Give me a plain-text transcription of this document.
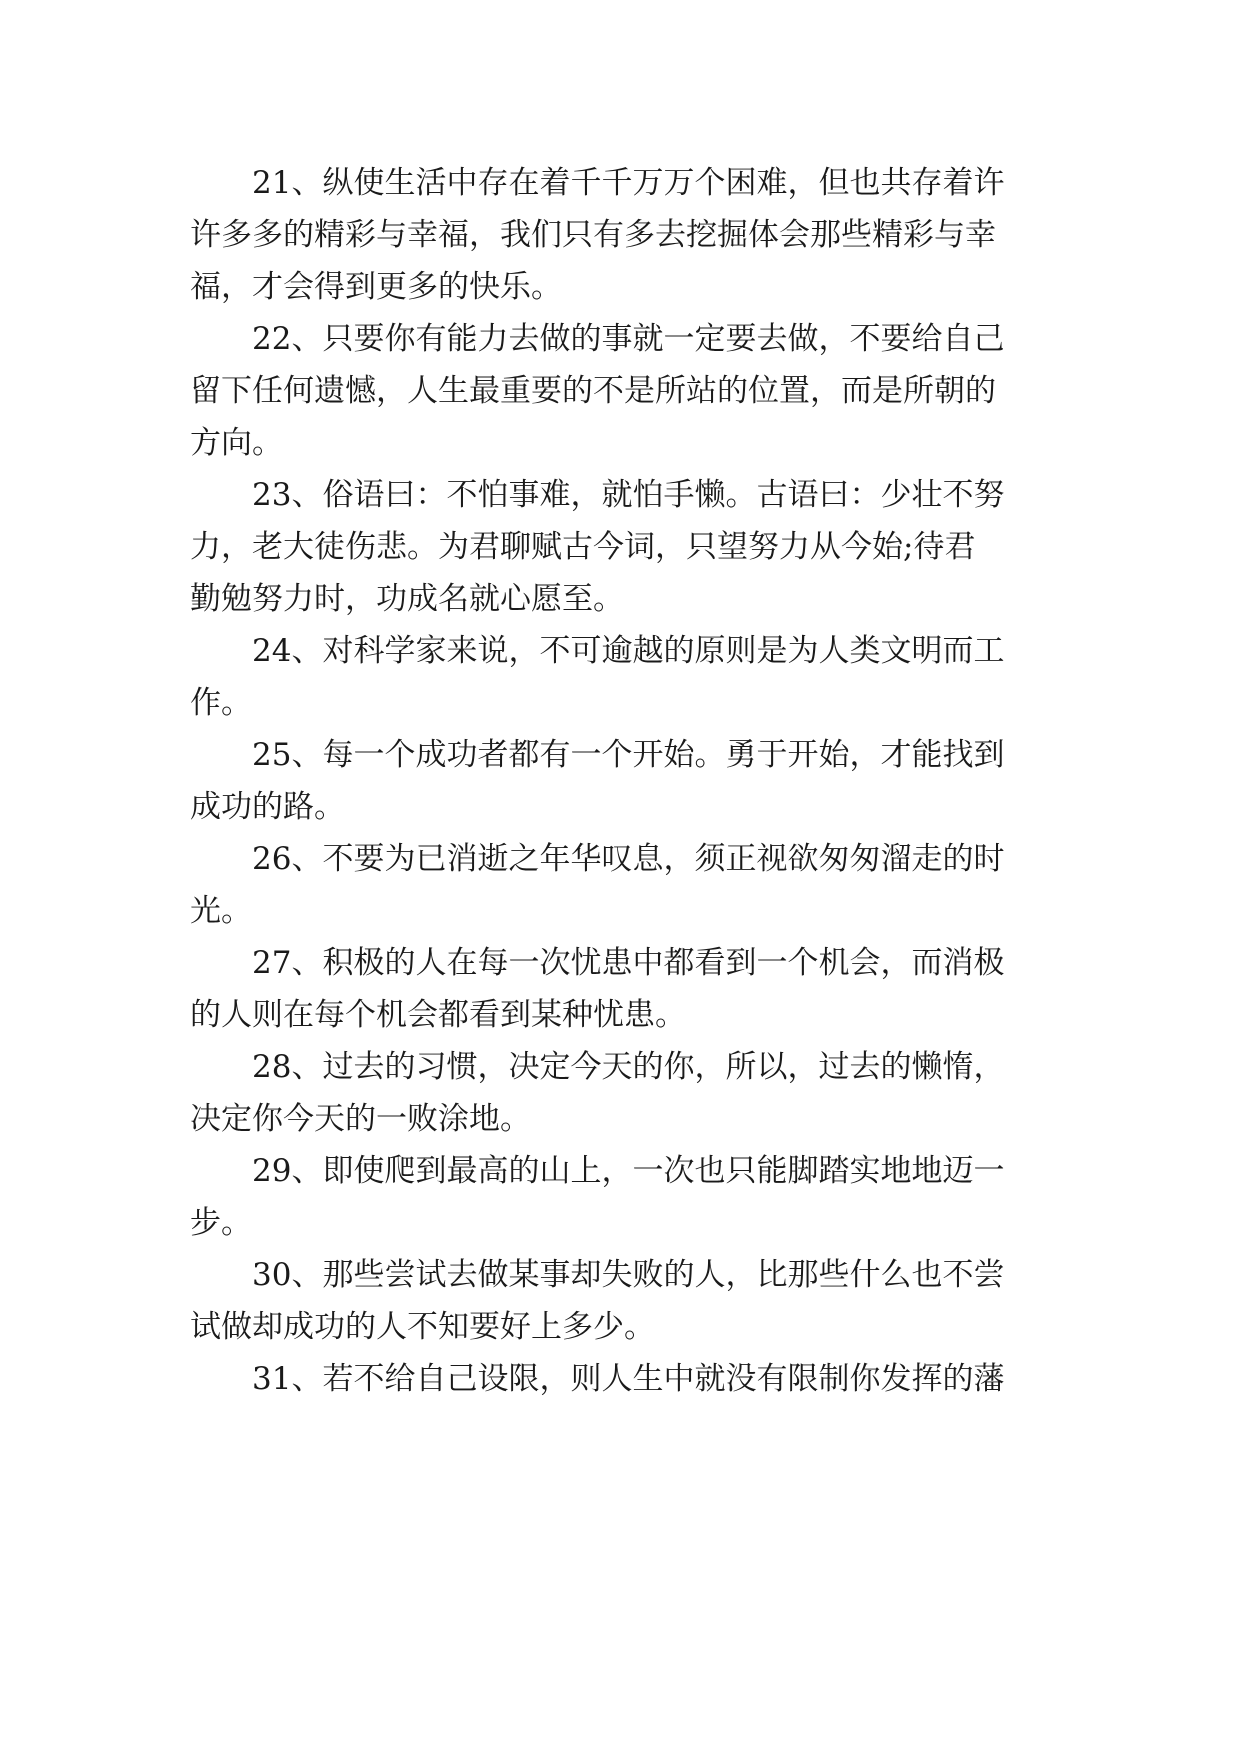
21、纵使生活中存在着千千万万个困难，但也共存着许
许多多的精彩与幸福，我们只有多去挖掘体会那些精彩与幸
福，才会得到更多的快乐。
22、只要你有能力去做的事就一定要去做，不要给自己
留下任何遗憾，人生最重要的不是所站的位置，而是所朝的
方向。
23、俗语曰：不怕事难，就怕手懒。古语曰：少壮不努
力，老大徒伤悲。为君聊赋古今词，只望努力从今始;待君
勤勉努力时，功成名就心愿至。
24、对科学家来说，不可逾越的原则是为人类文明而工
作。
25、每一个成功者都有一个开始。勇于开始，才能找到
成功的路。
26、不要为已消逝之年华叹息，须正视欲匆匆溜走的时
光。
27、积极的人在每一次忧患中都看到一个机会，而消极
的人则在每个机会都看到某种忧患。
28、过去的习惯，决定今天的你，所以，过去的懒惰，
决定你今天的一败涂地。
29、即使爬到最高的山上，一次也只能脚踏实地地迈一
步。
30、那些尝试去做某事却失败的人，比那些什么也不尝
试做却成功的人不知要好上多少。
31、若不给自己设限，则人生中就没有限制你发挥的藩
